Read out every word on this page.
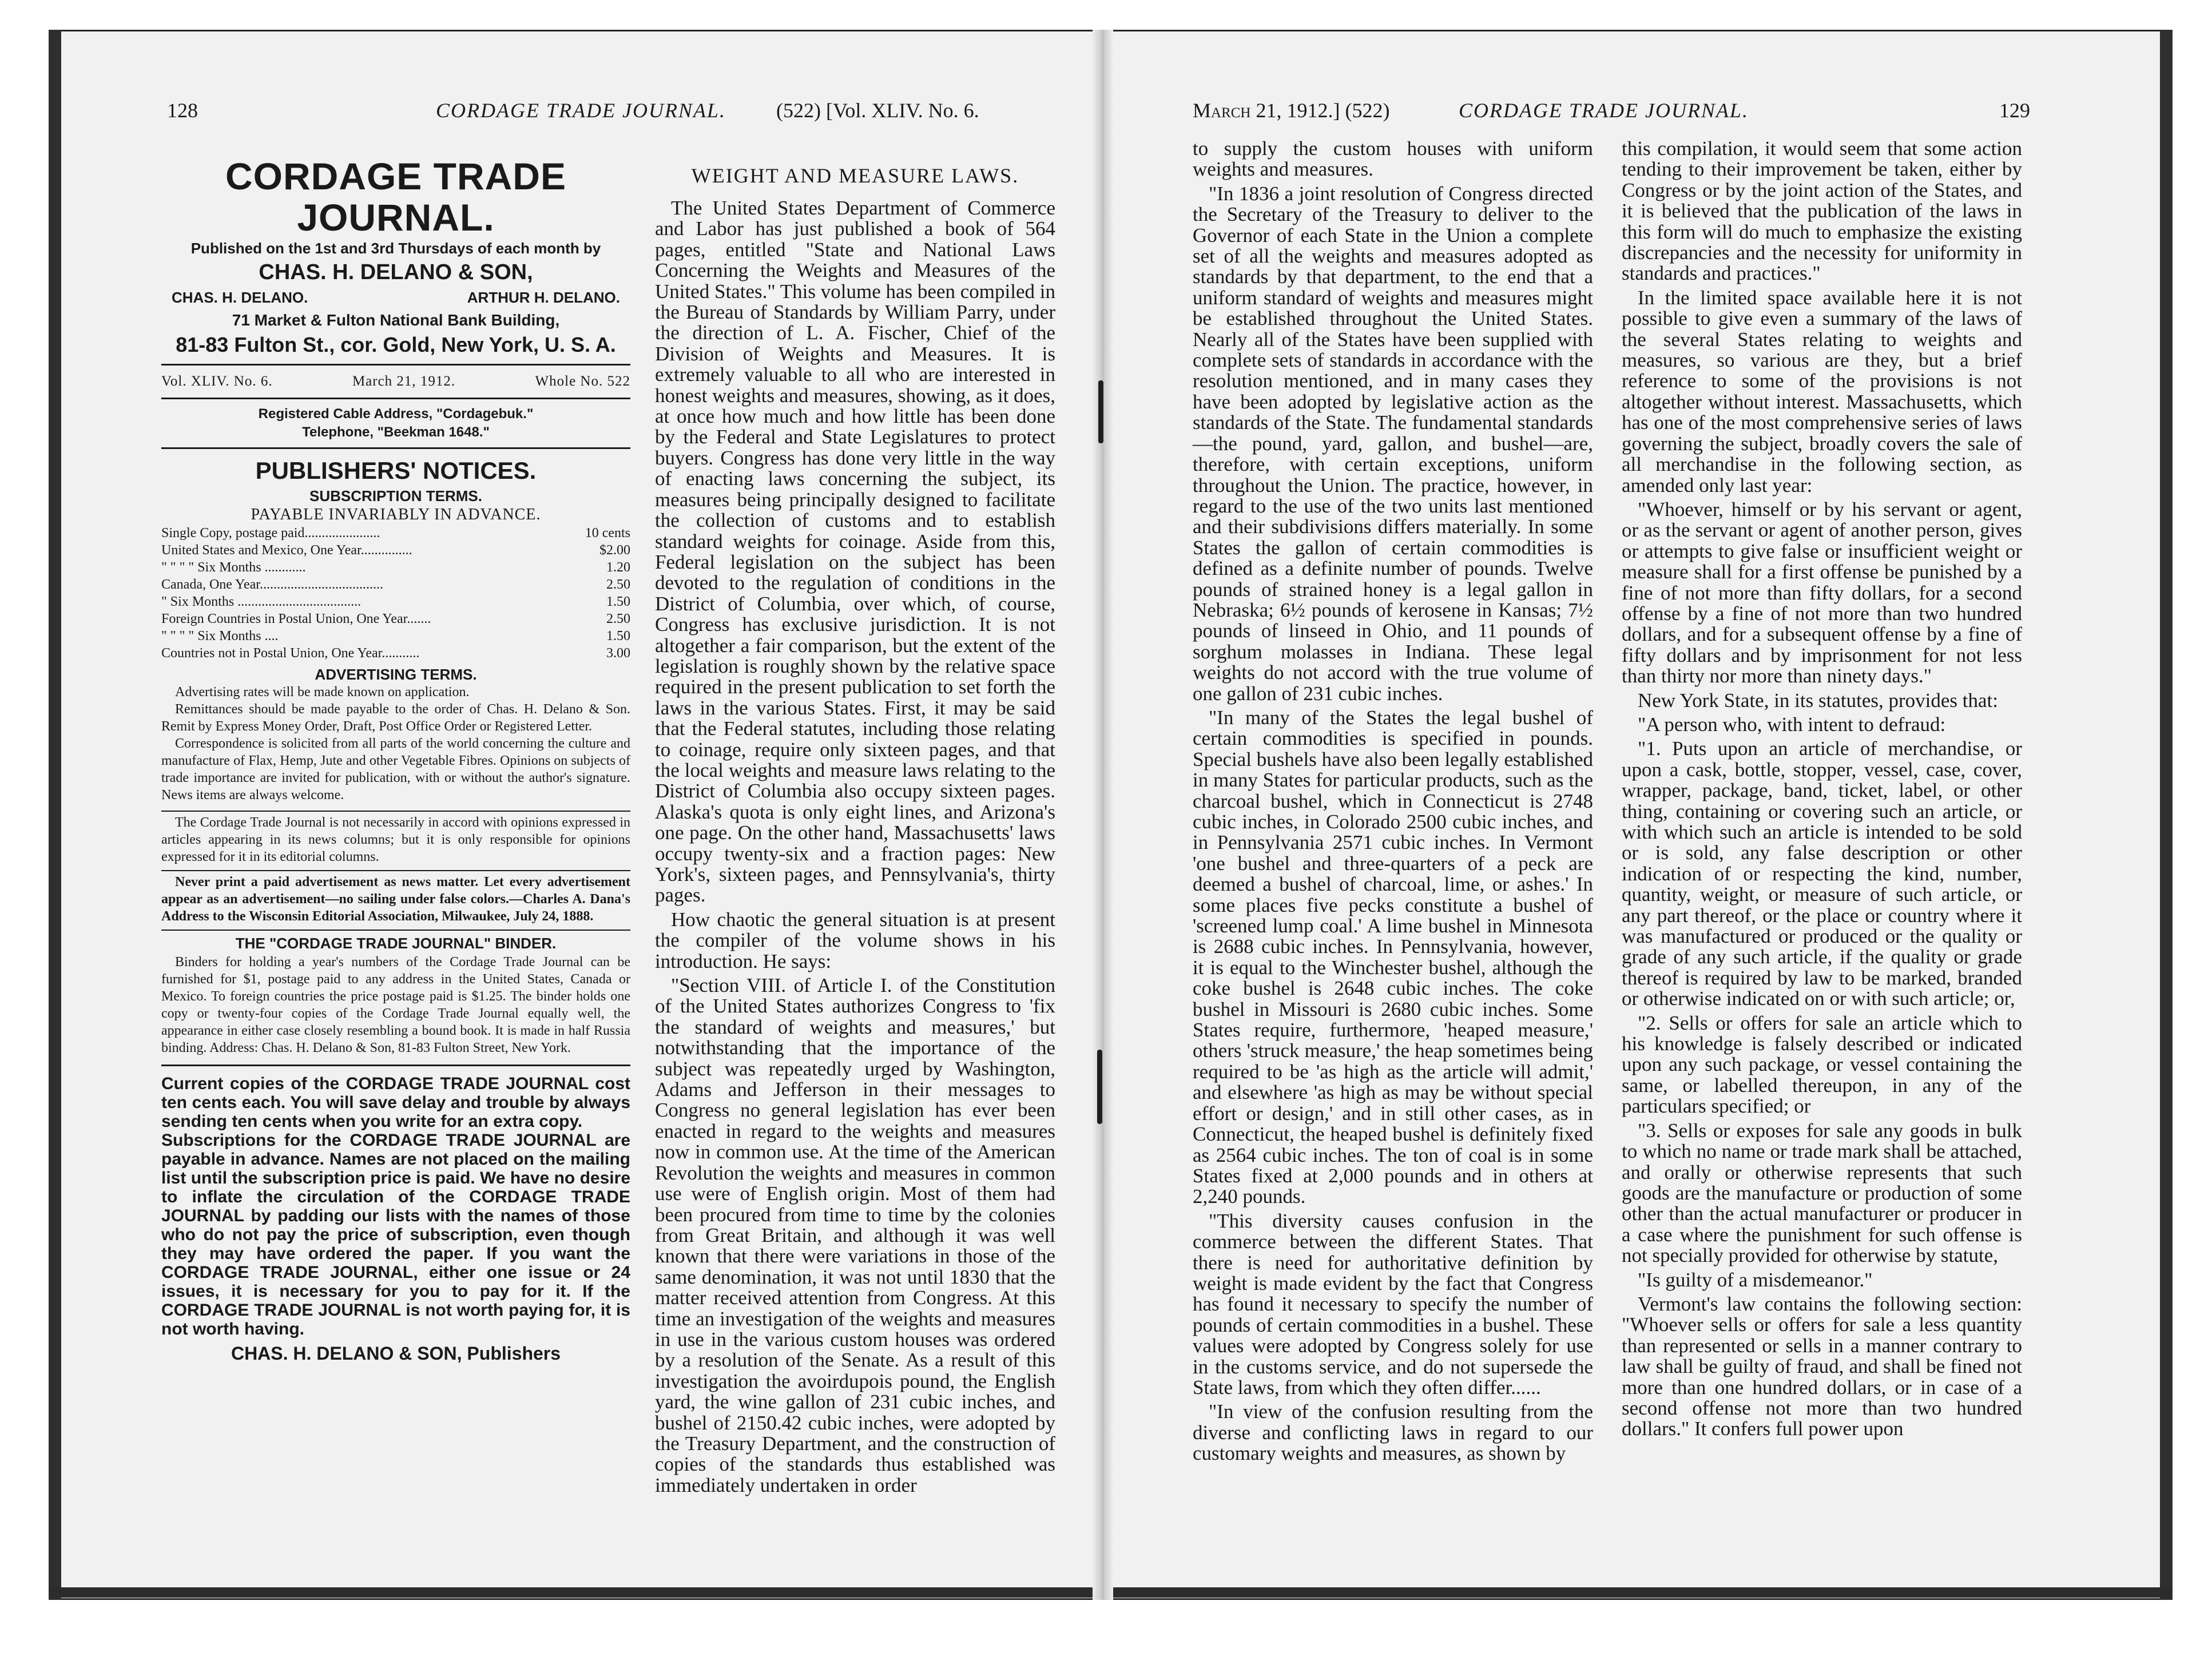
128	CORDAGE TRADE JOURNAL. (522) [Vol. XLIV. No. 6.
CORDAGE TRADE JOURNAL.
Published on the 1st and 3rd Thursdays of each month by
CHAS. H. DELANO & SON,
CHAS. H. DELANO.	ARTHUR H. DELANO.
71 Market & Fulton National Bank Building,
81-83 Fulton St., cor. Gold, New York, U. S. A.
Vol. XLIV. No. 6.	March 21, 1912.	Whole No. 522
Registered Cable Address, "Cordagebuk."
Telephone, "Beekman 1648."
PUBLISHERS' NOTICES.
SUBSCRIPTION TERMS.
PAYABLE INVARIABLY IN ADVANCE.
Single Copy, postage paid......................	10 cents
United States and Mexico, One Year...............	$2.00
" " " " Six Months ............	1.20
Canada, One Year....................................	2.50
" Six Months ....................................	1.50
Foreign Countries in Postal Union, One Year.......	2.50
" " " " Six Months ....	1.50
Countries not in Postal Union, One Year...........	3.00
ADVERTISING TERMS.

Advertising rates will be made known on application.

Remittances should be made payable to the order of Chas. H. Delano & Son. Remit by Express Money Order, Draft, Post Office Order or Registered Letter.

Correspondence is solicited from all parts of the world concerning the culture and manufacture of Flax, Hemp, Jute and other Vegetable Fibres. Opinions on subjects of trade importance are invited for publication, with or without the author's signature. News items are always welcome.

The Cordage Trade Journal is not necessarily in accord with opinions expressed in articles appearing in its news columns; but it is only responsible for opinions expressed for it in its editorial columns.
Never print a paid advertisement as news matter. Let every advertisement appear as an advertisement—no sailing under false colors.—Charles A. Dana's Address to the Wisconsin Editorial Association, Milwaukee, July 24, 1888.
THE "CORDAGE TRADE JOURNAL" BINDER.
Binders for holding a year's numbers of the Cordage Trade Journal can be furnished for $1, postage paid to any address in the United States, Canada or Mexico. To foreign countries the price postage paid is $1.25. The binder holds one copy or twenty-four copies of the Cordage Trade Journal equally well, the appearance in either case closely resembling a bound book. It is made in half Russia binding. Address: Chas. H. Delano & Son, 81-83 Fulton Street, New York.

Current copies of the CORDAGE TRADE JOURNAL cost ten cents each. You will save delay and trouble by always sending ten cents when you write for an extra copy.

Subscriptions for the CORDAGE TRADE JOURNAL are payable in advance. Names are not placed on the mailing list until the subscription price is paid. We have no desire to inflate the circulation of the CORDAGE TRADE JOURNAL by padding our lists with the names of those who do not pay the price of subscription, even though they may have ordered the paper. If you want the CORDAGE TRADE JOURNAL, either one issue or 24 issues, it is necessary for you to pay for it. If the CORDAGE TRADE JOURNAL is not worth paying for, it is not worth having.

CHAS. H. DELANO & SON, Publishers

WEIGHT AND MEASURE LAWS.

The United States Department of Commerce and Labor has just published a book of 564 pages, entitled "State and National Laws Concerning the Weights and Measures of the United States." This volume has been compiled in the Bureau of Standards by William Parry, under the direction of L. A. Fischer, Chief of the Division of Weights and Measures. It is extremely valuable to all who are interested in honest weights and measures, showing, as it does, at once how much and how little has been done by the Federal and State Legislatures to protect buyers. Congress has done very little in the way of enacting laws concerning the subject, its measures being principally designed to facilitate the collection of customs and to establish standard weights for coinage. Aside from this, Federal legislation on the subject has been devoted to the regulation of conditions in the District of Columbia, over which, of course, Congress has exclusive jurisdiction. It is not altogether a fair comparison, but the extent of the legislation is roughly shown by the relative space required in the present publication to set forth the laws in the various States. First, it may be said that the Federal statutes, including those relating to coinage, require only sixteen pages, and that the local weights and measure laws relating to the District of Columbia also occupy sixteen pages. Alaska's quota is only eight lines, and Arizona's one page. On the other hand, Massachusetts' laws occupy twenty-six and a fraction pages: New York's, sixteen pages, and Pennsylvania's, thirty pages.

How chaotic the general situation is at present the compiler of the volume shows in his introduction. He says:

"Section VIII. of Article I. of the Constitution of the United States authorizes Congress to 'fix the standard of weights and measures,' but notwithstanding that the importance of the subject was repeatedly urged by Washington, Adams and Jefferson in their messages to Congress no general legislation has ever been enacted in regard to the weights and measures now in common use. At the time of the American Revolution the weights and measures in common use were of English origin. Most of them had been procured from time to time by the colonies from Great Britain, and although it was well known that there were variations in those of the same denomination, it was not until 1830 that the matter received attention from Congress. At this time an investigation of the weights and measures in use in the various custom houses was ordered by a resolution of the Senate. As a result of this investigation the avoirdupois pound, the English yard, the wine gallon of 231 cubic inches, and bushel of 2150.42 cubic inches, were adopted by the Treasury Department, and the construction of copies of the standards thus established was immediately undertaken in order

March 21, 1912.] (522)	CORDAGE TRADE JOURNAL.	129

to supply the custom houses with uniform weights and measures.

"In 1836 a joint resolution of Congress directed the Secretary of the Treasury to deliver to the Governor of each State in the Union a complete set of all the weights and measures adopted as standards by that department, to the end that a uniform standard of weights and measures might be established throughout the United States. Nearly all of the States have been supplied with complete sets of standards in accordance with the resolution mentioned, and in many cases they have been adopted by legislative action as the standards of the State. The fundamental standards—the pound, yard, gallon, and bushel—are, therefore, with certain exceptions, uniform throughout the Union. The practice, however, in regard to the use of the two units last mentioned and their subdivisions differs materially. In some States the gallon of certain commodities is defined as a definite number of pounds. Twelve pounds of strained honey is a legal gallon in Nebraska; 6½ pounds of kerosene in Kansas; 7½ pounds of linseed in Ohio, and 11 pounds of sorghum molasses in Indiana. These legal weights do not accord with the true volume of one gallon of 231 cubic inches.

"In many of the States the legal bushel of certain commodities is specified in pounds. Special bushels have also been legally established in many States for particular products, such as the charcoal bushel, which in Connecticut is 2748 cubic inches, in Colorado 2500 cubic inches, and in Pennsylvania 2571 cubic inches. In Vermont 'one bushel and three-quarters of a peck are deemed a bushel of charcoal, lime, or ashes.' In some places five pecks constitute a bushel of 'screened lump coal.' A lime bushel in Minnesota is 2688 cubic inches. In Pennsylvania, however, it is equal to the Winchester bushel, although the coke bushel is 2648 cubic inches. The coke bushel in Missouri is 2680 cubic inches. Some States require, furthermore, 'heaped measure,' others 'struck measure,' the heap sometimes being required to be 'as high as the article will admit,' and elsewhere 'as high as may be without special effort or design,' and in still other cases, as in Connecticut, the heaped bushel is definitely fixed as 2564 cubic inches. The ton of coal is in some States fixed at 2,000 pounds and in others at 2,240 pounds.

"This diversity causes confusion in the commerce between the different States. That there is need for authoritative definition by weight is made evident by the fact that Congress has found it necessary to specify the number of pounds of certain commodities in a bushel. These values were adopted by Congress solely for use in the customs service, and do not supersede the State laws, from which they often differ......

"In view of the confusion resulting from the diverse and conflicting laws in regard to our customary weights and measures, as shown by

this compilation, it would seem that some action tending to their improvement be taken, either by Congress or by the joint action of the States, and it is believed that the publication of the laws in this form will do much to emphasize the existing discrepancies and the necessity for uniformity in standards and practices."

In the limited space available here it is not possible to give even a summary of the laws of the several States relating to weights and measures, so various are they, but a brief reference to some of the provisions is not altogether without interest. Massachusetts, which has one of the most comprehensive series of laws governing the subject, broadly covers the sale of all merchandise in the following section, as amended only last year:

"Whoever, himself or by his servant or agent, or as the servant or agent of another person, gives or attempts to give false or insufficient weight or measure shall for a first offense be punished by a fine of not more than fifty dollars, for a second offense by a fine of not more than two hundred dollars, and for a subsequent offense by a fine of fifty dollars and by imprisonment for not less than thirty nor more than ninety days."

New York State, in its statutes, provides that:

"A person who, with intent to defraud:

"1. Puts upon an article of merchandise, or upon a cask, bottle, stopper, vessel, case, cover, wrapper, package, band, ticket, label, or other thing, containing or covering such an article, or with which such an article is intended to be sold or is sold, any false description or other indication of or respecting the kind, number, quantity, weight, or measure of such article, or any part thereof, or the place or country where it was manufactured or produced or the quality or grade of any such article, if the quality or grade thereof is required by law to be marked, branded or otherwise indicated on or with such article; or,

"2. Sells or offers for sale an article which to his knowledge is falsely described or indicated upon any such package, or vessel containing the same, or labelled thereupon, in any of the particulars specified; or

"3. Sells or exposes for sale any goods in bulk to which no name or trade mark shall be attached, and orally or otherwise represents that such goods are the manufacture or production of some other than the actual manufacturer or producer in a case where the punishment for such offense is not specially provided for otherwise by statute,

"Is guilty of a misdemeanor."

Vermont's law contains the following section: "Whoever sells or offers for sale a less quantity than represented or sells in a manner contrary to law shall be guilty of fraud, and shall be fined not more than one hundred dollars, or in case of a second offense not more than two hundred dollars." It confers full power upon
